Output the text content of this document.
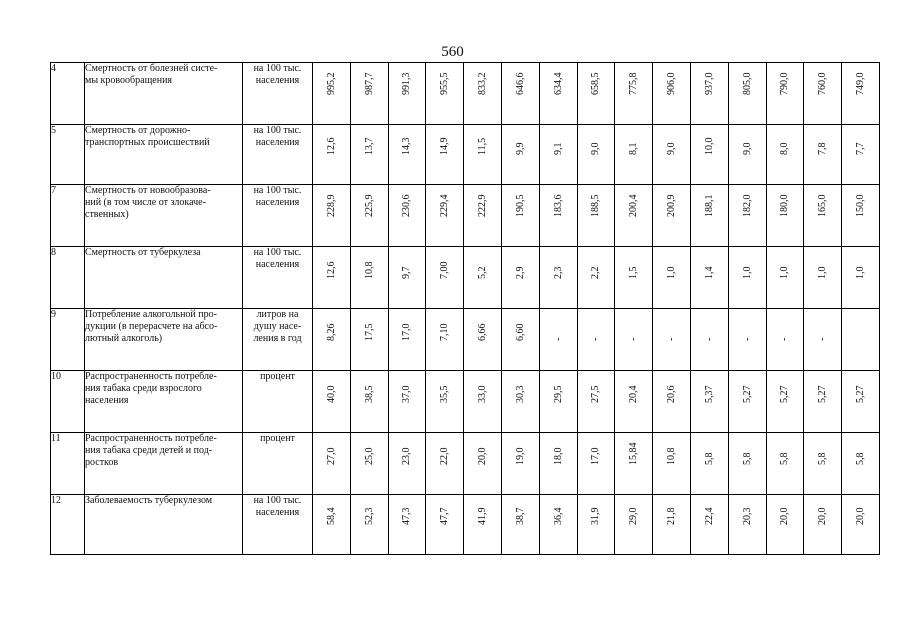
560
4	Смертность от болезней систе-
мы кровообращения	на 100 тыс.
населения	995,2	987,7	991,3	955,5	833,2	646,6	634,4	658,5	775,8	906,0	937,0	805,0	790,0	760,0	749,0

5	Смертность от дорожно-
транспортных происшествий	на 100 тыс.
населения	12,6	13,7	14,3	14,9	11,5	9,9	9,1	9,0	8,1	9,0	10,0	9,0	8,0	7,8	7,7

7	Смертность от новообразова-
ний (в том числе от злокаче-
ственных)	на 100 тыс.
населения	228,9	225,9	230,6	229,4	222,9	190,5	183,6	188,5	200,4	200,9	188,1	182,0	180,0	165,0	150,0

8	Смертность от туберкулеза	на 100 тыс.
населения	12,6	10,8	9,7	7,00	5,2	2,9	2,3	2,2	1,5	1,0	1,4	1,0	1,0	1,0	1,0

9	Потребление алкогольной про-
дукции (в перерасчете на абсо-
лютный алкоголь)	литров на
душу насе-
ления в год	8,26	17,5	17,0	7,10	6,66	6,60	-	-	-	-	-	-	-	-	

10	Распространенность потребле-
ния табака среди взрослого
населения	процент	40,0	38,5	37,0	35,5	33,0	30,3	29,5	27,5	20,4	20,6	5,37	5,27	5,27	5,27	5,27

11	Распространенность потребле-
ния табака среди детей и под-
ростков	процент	27,0	25,0	23,0	22,0	20,0	19,0	18,0	17,0	15,84	10,8	5,8	5,8	5,8	5,8	5,8

12	Заболеваемость туберкулезом	на 100 тыс.
населения	58,4	52,3	47,3	47,7	41,9	38,7	36,4	31,9	29,0	21,8	22,4	20,3	20,0	20,0	20,0
